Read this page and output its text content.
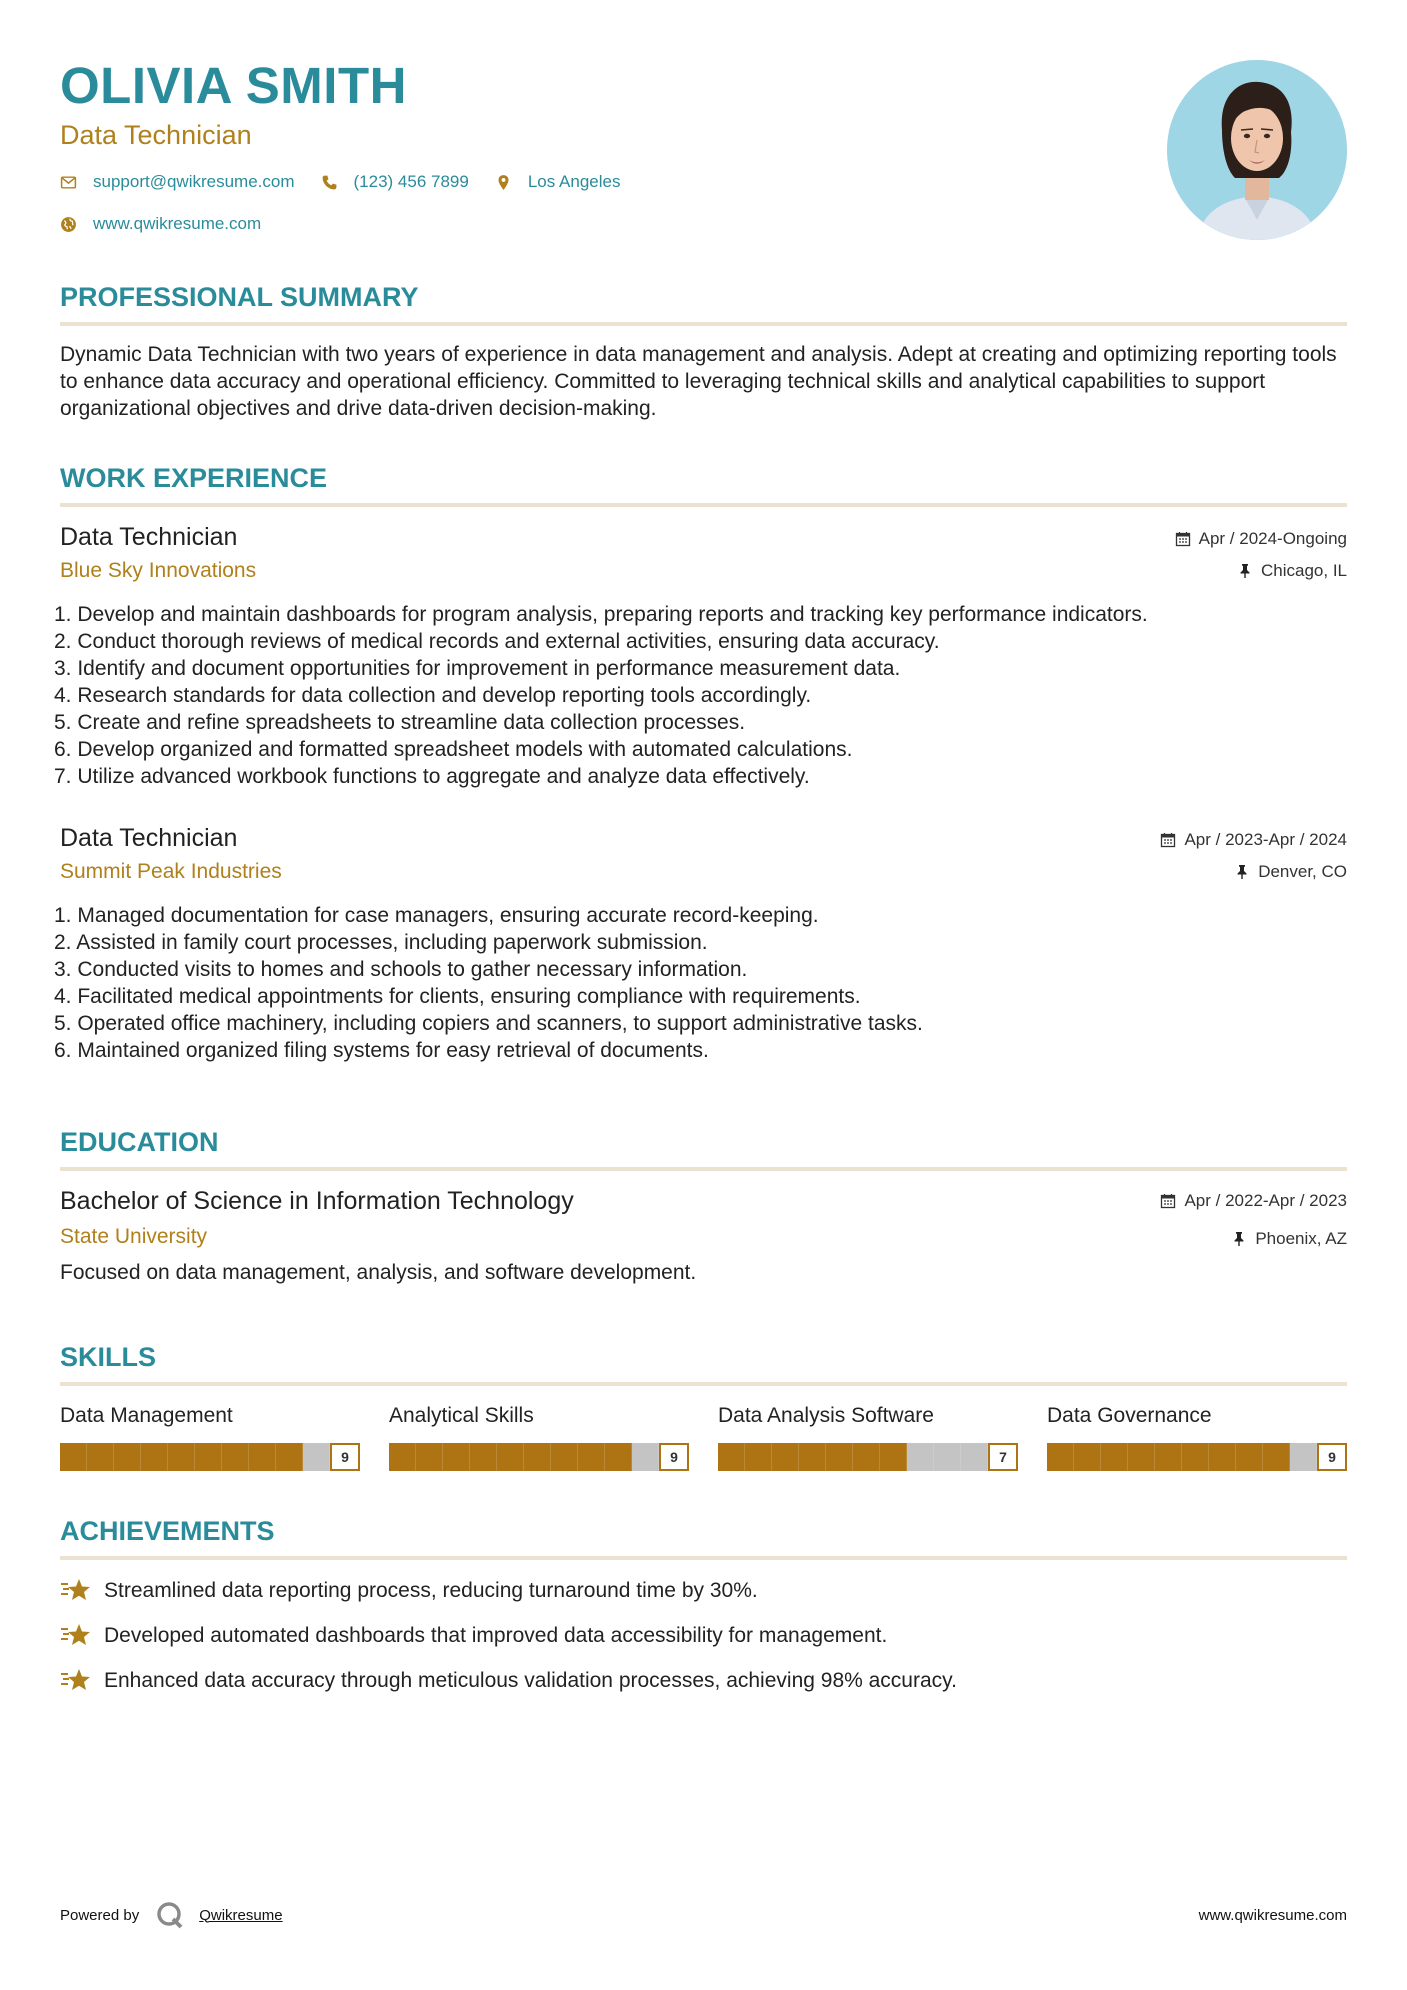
OLIVIA SMITH
Data Technician
support@qwikresume.com	(123) 456 7899	Los Angeles
www.qwikresume.com
PROFESSIONAL SUMMARY

Dynamic Data Technician with two years of experience in data management and analysis. Adept at creating and optimizing reporting tools to enhance data accuracy and operational efficiency. Committed to leveraging technical skills and analytical capabilities to support organizational objectives and drive data-driven decision-making.

WORK EXPERIENCE
Data Technician
Blue Sky Innovations
Apr / 2024-Ongoing
Chicago, IL
1. Develop and maintain dashboards for program analysis, preparing reports and tracking key performance indicators.
2. Conduct thorough reviews of medical records and external activities, ensuring data accuracy.
3. Identify and document opportunities for improvement in performance measurement data.
4. Research standards for data collection and develop reporting tools accordingly.
5. Create and refine spreadsheets to streamline data collection processes.
6. Develop organized and formatted spreadsheet models with automated calculations.
7. Utilize advanced workbook functions to aggregate and analyze data effectively.
Data Technician
Summit Peak Industries
Apr / 2023-Apr / 2024
Denver, CO
1. Managed documentation for case managers, ensuring accurate record-keeping.
2. Assisted in family court processes, including paperwork submission.
3. Conducted visits to homes and schools to gather necessary information.
4. Facilitated medical appointments for clients, ensuring compliance with requirements.
5. Operated office machinery, including copiers and scanners, to support administrative tasks.
6. Maintained organized filing systems for easy retrieval of documents.
EDUCATION
Bachelor of Science in Information Technology
State University
Apr / 2022-Apr / 2023
Phoenix, AZ

Focused on data management, analysis, and software development.

SKILLS
Data Management
9
Analytical Skills
9
Data Analysis Software
7
Data Governance
9
ACHIEVEMENTS
Streamlined data reporting process, reducing turnaround time by 30%.
Developed automated dashboards that improved data accessibility for management.
Enhanced data accuracy through meticulous validation processes, achieving 98% accuracy.
Powered by	Qwikresume	www.qwikresume.com
